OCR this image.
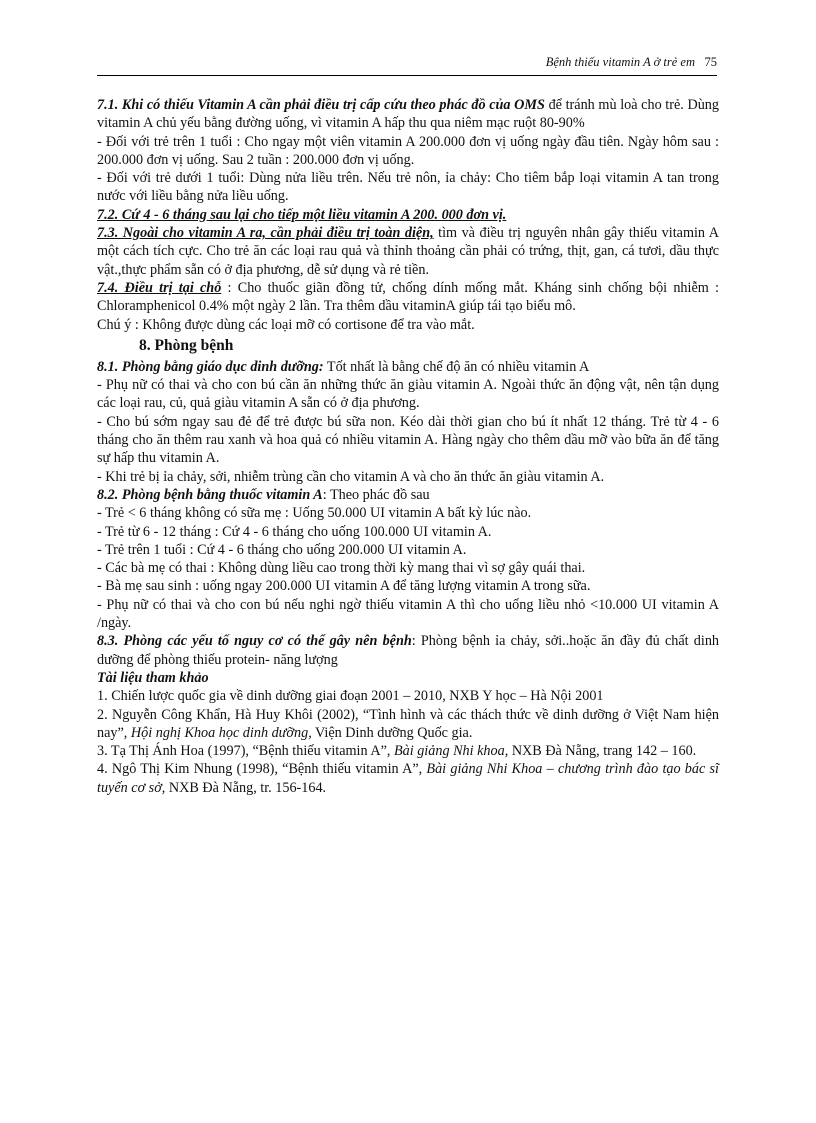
Bệnh thiếu vitamin A ở trẻ em 75

7.1. Khi có thiếu Vitamin A cần phải điều trị cấp cứu theo phác đồ của OMS để tránh mù loà cho trẻ. Dùng vitamin A chủ yếu bằng đường uống, vì vitamin A hấp thu qua niêm mạc ruột 80-90%

- Đối với trẻ trên 1 tuổi : Cho ngay một viên vitamin A 200.000 đơn vị uống ngày đầu tiên. Ngày hôm sau : 200.000 đơn vị uống. Sau 2 tuần : 200.000 đơn vị uống.

- Đối với trẻ dưới 1 tuổi: Dùng nửa liều trên. Nếu trẻ nôn, ỉa chảy: Cho tiêm bắp loại vitamin A tan trong nước với liều bằng nửa liều uống.

7.2. Cứ 4 - 6 tháng sau lại cho tiếp một liều vitamin A 200. 000 đơn vị.

7.3. Ngoài cho vitamin A ra, cần phải điều trị toàn diện, tìm và điều trị nguyên nhân gây thiếu vitamin A một cách tích cực. Cho trẻ ăn các loại rau quả và thỉnh thoảng cần phải có trứng, thịt, gan, cá tươi, dầu thực vật.,thực phẩm sẵn có ở địa phương, dễ sử dụng và rẻ tiền.

7.4. Điều trị tại chỗ : Cho thuốc giãn đồng tử, chống dính mống mắt. Kháng sinh chống bội nhiễm : Chloramphenicol 0.4% một ngày 2 lần. Tra thêm dầu vitaminA giúp tái tạo biểu mô.

Chú ý : Không được dùng các loại mỡ có cortisone để tra vào mắt.

8. Phòng bệnh

8.1. Phòng bằng giáo dục dinh dưỡng: Tốt nhất là bằng chế độ ăn có nhiều vitamin A

- Phụ nữ có thai và cho con bú cần ăn những thức ăn giàu vitamin A. Ngoài thức ăn động vật, nên tận dụng các loại rau, củ, quả giàu vitamin A sẵn có ở địa phương.

- Cho bú sớm ngay sau đẻ để trẻ được bú sữa non. Kéo dài thời gian cho bú ít nhất 12 tháng. Trẻ từ 4 - 6 tháng cho ăn thêm rau xanh và hoa quả có nhiều vitamin A. Hàng ngày cho thêm dầu mỡ vào bữa ăn để tăng sự hấp thu vitamin A.

- Khi trẻ bị ỉa chảy, sởi, nhiễm trùng cần cho vitamin A và cho ăn thức ăn giàu vitamin A.

8.2. Phòng bệnh bằng thuốc vitamin A: Theo phác đồ sau

- Trẻ < 6 tháng không có sữa mẹ : Uống 50.000 UI vitamin A bất kỳ lúc nào.

- Trẻ từ 6 - 12 tháng : Cứ 4 - 6 tháng cho uống 100.000 UI vitamin A.

- Trẻ trên 1 tuổi : Cứ 4 - 6 tháng cho uống 200.000 UI vitamin A.

- Các bà mẹ có thai : Không dùng liều cao trong thời kỳ mang thai vì sợ gây quái thai.

- Bà mẹ sau sinh : uống ngay 200.000 UI vitamin A để tăng lượng vitamin A trong sữa.

- Phụ nữ có thai và cho con bú nếu nghi ngờ thiếu vitamin A thì cho uống liều nhỏ <10.000 UI vitamin A /ngày.

8.3. Phòng các yếu tố nguy cơ có thể gây nên bệnh: Phòng bệnh ỉa chảy, sởi..hoặc ăn đầy đủ chất dinh dưỡng để phòng thiếu protein- năng lượng

Tài liệu tham khảo

1. Chiến lược quốc gia về dinh dưỡng giai đoạn 2001 – 2010, NXB Y học – Hà Nội 2001

2. Nguyễn Công Khẩn, Hà Huy Khôi (2002), “Tình hình và các thách thức về dinh dưỡng ở Việt Nam hiện nay”, Hội nghị Khoa học dinh dưỡng, Viện Dinh dưỡng Quốc gia.

3. Tạ Thị Ánh Hoa (1997), “Bệnh thiếu vitamin A”, Bài giảng Nhi khoa, NXB Đà Nẵng, trang 142 – 160.

4. Ngô Thị Kim Nhung (1998), “Bệnh thiếu vitamin A”, Bài giảng Nhi Khoa – chương trình đào tạo bác sĩ tuyến cơ sở, NXB Đà Nẵng, tr. 156-164.
